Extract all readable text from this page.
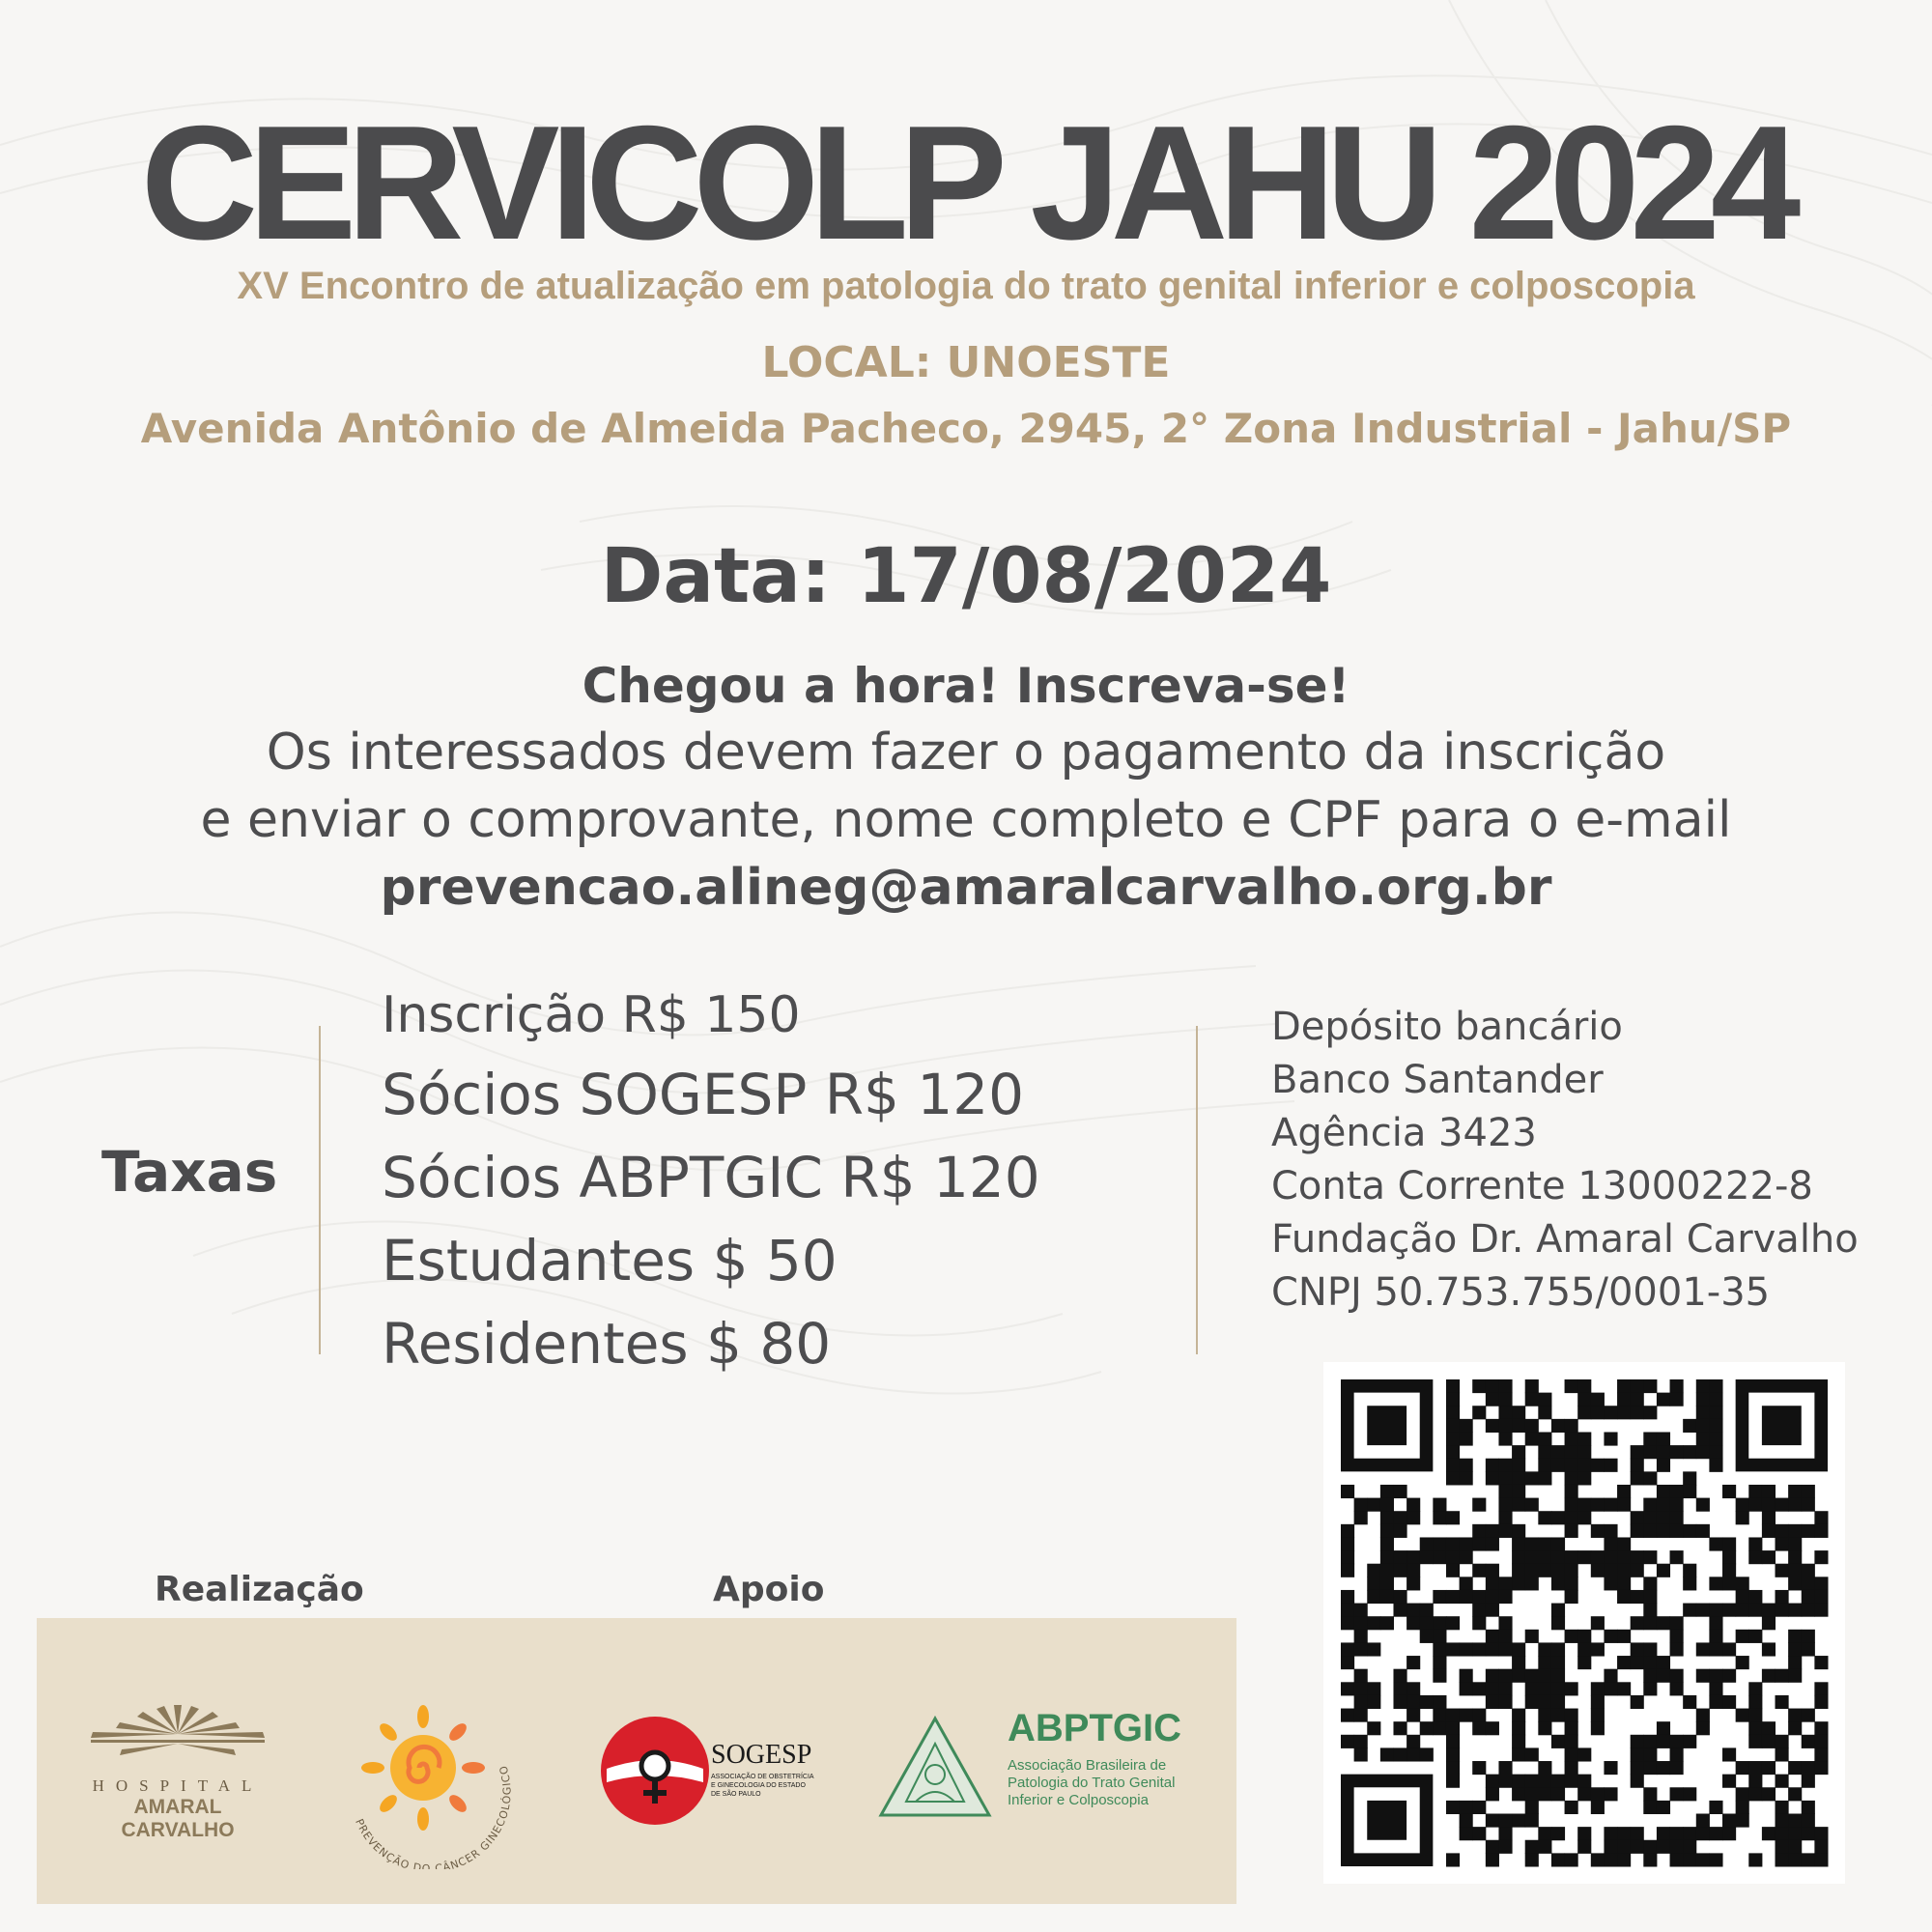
CERVICOLP JAHU 2024
XV Encontro de atualização em patologia do trato genital inferior e colposcopia
LOCAL: UNOESTE
Avenida Antônio de Almeida Pacheco, 2945, 2° Zona Industrial - Jahu/SP
Data: 17/08/2024
Chegou a hora! Inscreva-se!
Os interessados devem fazer o pagamento da inscrição
e enviar o comprovante, nome completo e CPF para o e-mail
prevencao.alineg@amaralcarvalho.org.br
Taxas
Inscrição R$ 150
Sócios SOGESP R$ 120
Sócios ABPTGIC R$ 120
Estudantes $ 50
Residentes $ 80
Depósito bancário
Banco Santander
Agência 3423
Conta Corrente 13000222-8
Fundação Dr. Amaral Carvalho
CNPJ 50.753.755/0001-35
Realização	Apoio
HOSPITAL
AMARAL CARVALHO	PREVENÇÃO DO CÂNCER GINECOLÓGICO
SOGESP
ASSOCIAÇÃO DE OBSTETRÍCIA
E GINECOLOGIA DO ESTADO
DE SÃO PAULO
ABPTGIC
Associação Brasileira de
Patologia do Trato Genital
Inferior e Colposcopia
